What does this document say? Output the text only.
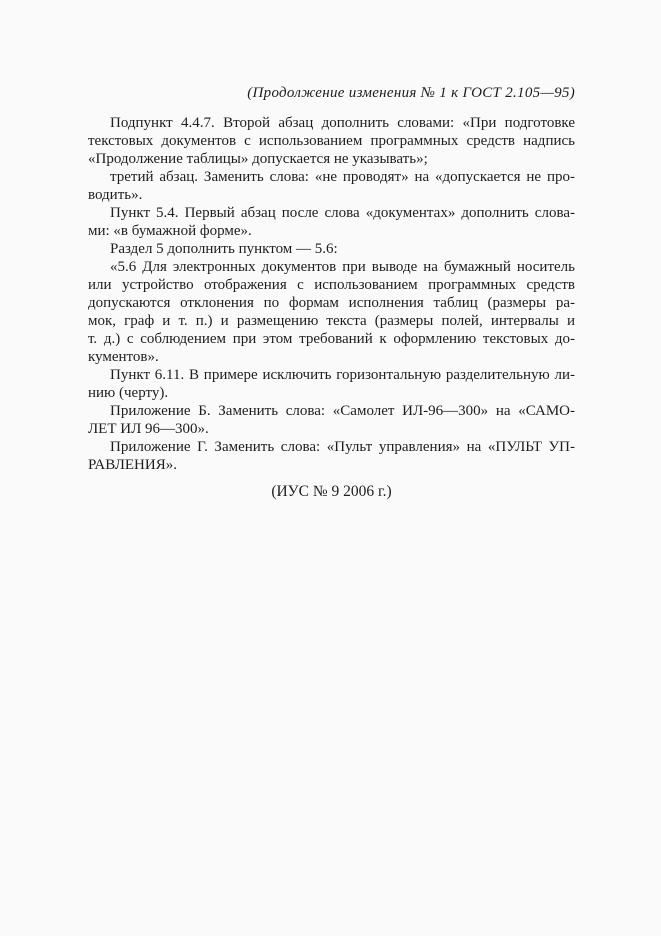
(Продолжение изменения № 1 к ГОСТ 2.105—95)
Подпункт 4.4.7. Второй абзац дополнить словами: «При подготовке
текстовых документов с использованием программных средств надпись
«Продолжение таблицы» допускается не указывать»;
третий абзац. Заменить слова: «не проводят» на «допускается не про-
водить».
Пункт 5.4. Первый абзац после слова «документах» дополнить слова-
ми: «в бумажной форме».
Раздел 5 дополнить пунктом — 5.6:
«5.6 Для электронных документов при выводе на бумажный носитель
или устройство отображения с использованием программных средств
допускаются отклонения по формам исполнения таблиц (размеры ра-
мок, граф и т. п.) и размещению текста (размеры полей, интервалы и
т. д.) с соблюдением при этом требований к оформлению текстовых до-
кументов».
Пункт 6.11. В примере исключить горизонтальную разделительную ли-
нию (черту).
Приложение Б. Заменить слова: «Самолет ИЛ-96—300» на «САМО-
ЛЕТ ИЛ 96—300».
Приложение Г. Заменить слова: «Пульт управления» на «ПУЛЬТ УП-
РАВЛЕНИЯ».
(ИУС № 9 2006 г.)
